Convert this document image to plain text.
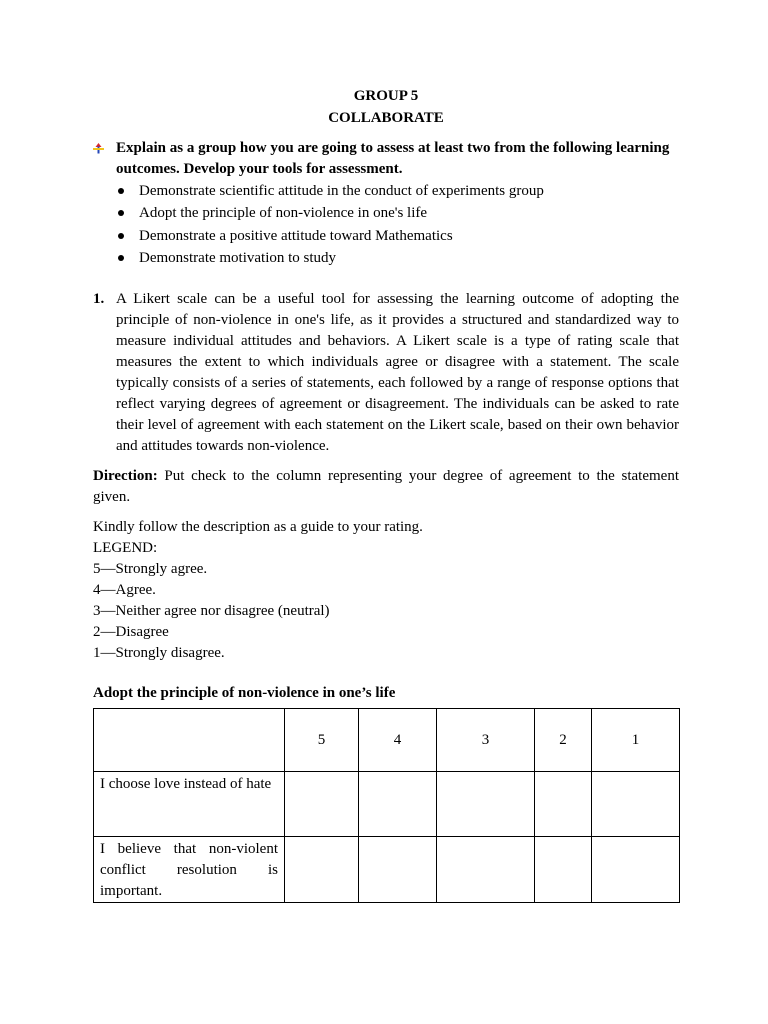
GROUP 5
COLLABORATE
Explain as a group how you are going to assess at least two from the following learning outcomes. Develop your tools for assessment.
Demonstrate scientific attitude in the conduct of experiments group
Adopt the principle of non-violence in one's life
Demonstrate a positive attitude toward Mathematics
Demonstrate motivation to study
1. A Likert scale can be a useful tool for assessing the learning outcome of adopting the principle of non-violence in one's life, as it provides a structured and standardized way to measure individual attitudes and behaviors. A Likert scale is a type of rating scale that measures the extent to which individuals agree or disagree with a statement. The scale typically consists of a series of statements, each followed by a range of response options that reflect varying degrees of agreement or disagreement. The individuals can be asked to rate their level of agreement with each statement on the Likert scale, based on their own behavior and attitudes towards non-violence.
Direction: Put check to the column representing your degree of agreement to the statement given.
Kindly follow the description as a guide to your rating.
LEGEND:
5—Strongly agree.
4—Agree.
3—Neither agree nor disagree (neutral)
2—Disagree
1—Strongly disagree.
Adopt the principle of non-violence in one’s life
	5	4	3	2	1
I choose love instead of hate					
I believe that non-violent conflict resolution is important.					
